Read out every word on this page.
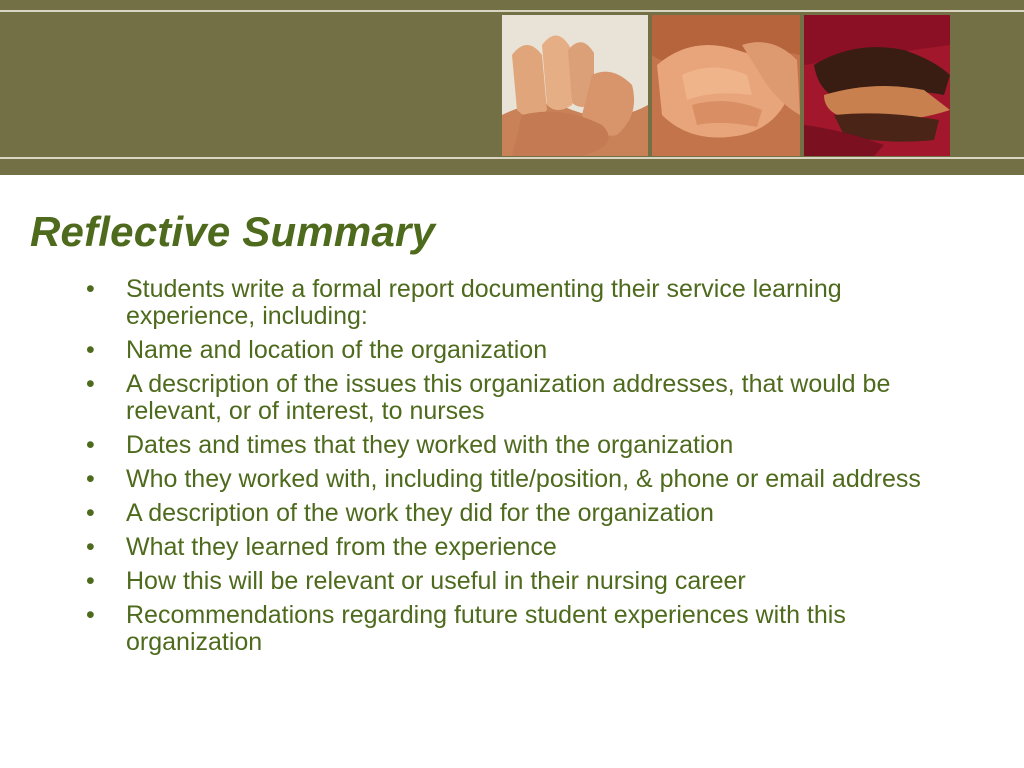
Reflective Summary
• Students write a formal report documenting their service learning experience, including:
• Name and location of the organization
• A description of the issues this organization addresses, that would be relevant, or of interest, to nurses
• Dates and times that they worked with the organization
• Who they worked with, including title/position, & phone or email address
• A description of the work they did for the organization
• What they learned from the experience
• How this will be relevant or useful in their nursing career
• Recommendations regarding future student experiences with this organization
